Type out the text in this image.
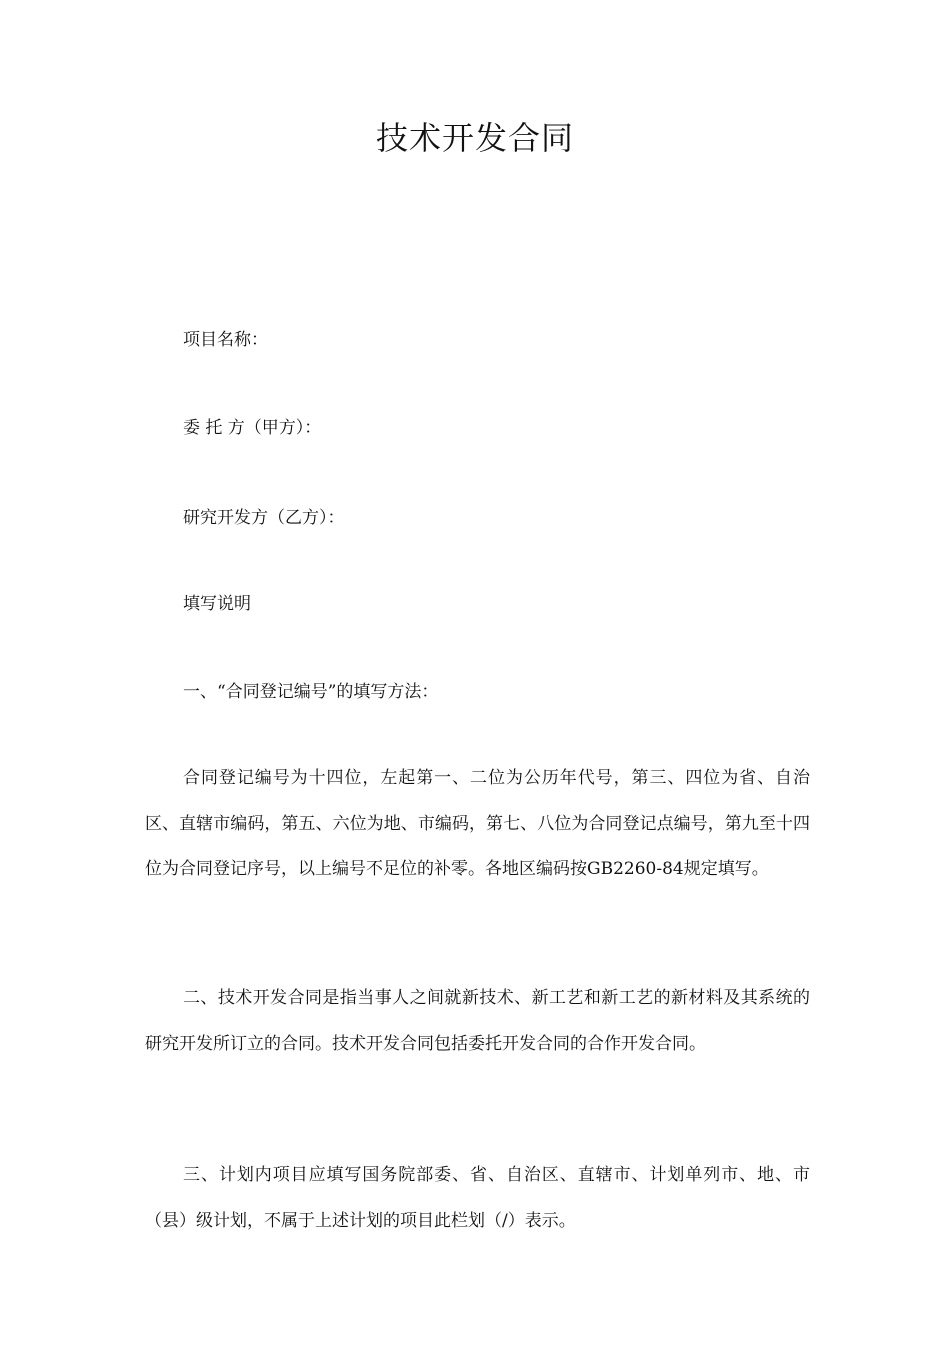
技术开发合同

项目名称：

委 托 方（甲方）：

研究开发方（乙方）：

填写说明

一、“合同登记编号”的填写方法：

合同登记编号为十四位，左起第一、二位为公历年代号，第三、四位为省、自治区、直辖市编码，第五、六位为地、市编码，第七、八位为合同登记点编号，第九至十四位为合同登记序号，以上编号不足位的补零。各地区编码按GB2260-84规定填写。

二、技术开发合同是指当事人之间就新技术、新工艺和新工艺的新材料及其系统的研究开发所订立的合同。技术开发合同包括委托开发合同的合作开发合同。

三、计划内项目应填写国务院部委、省、自治区、直辖市、计划单列市、地、市（县）级计划，不属于上述计划的项目此栏划（/）表示。
